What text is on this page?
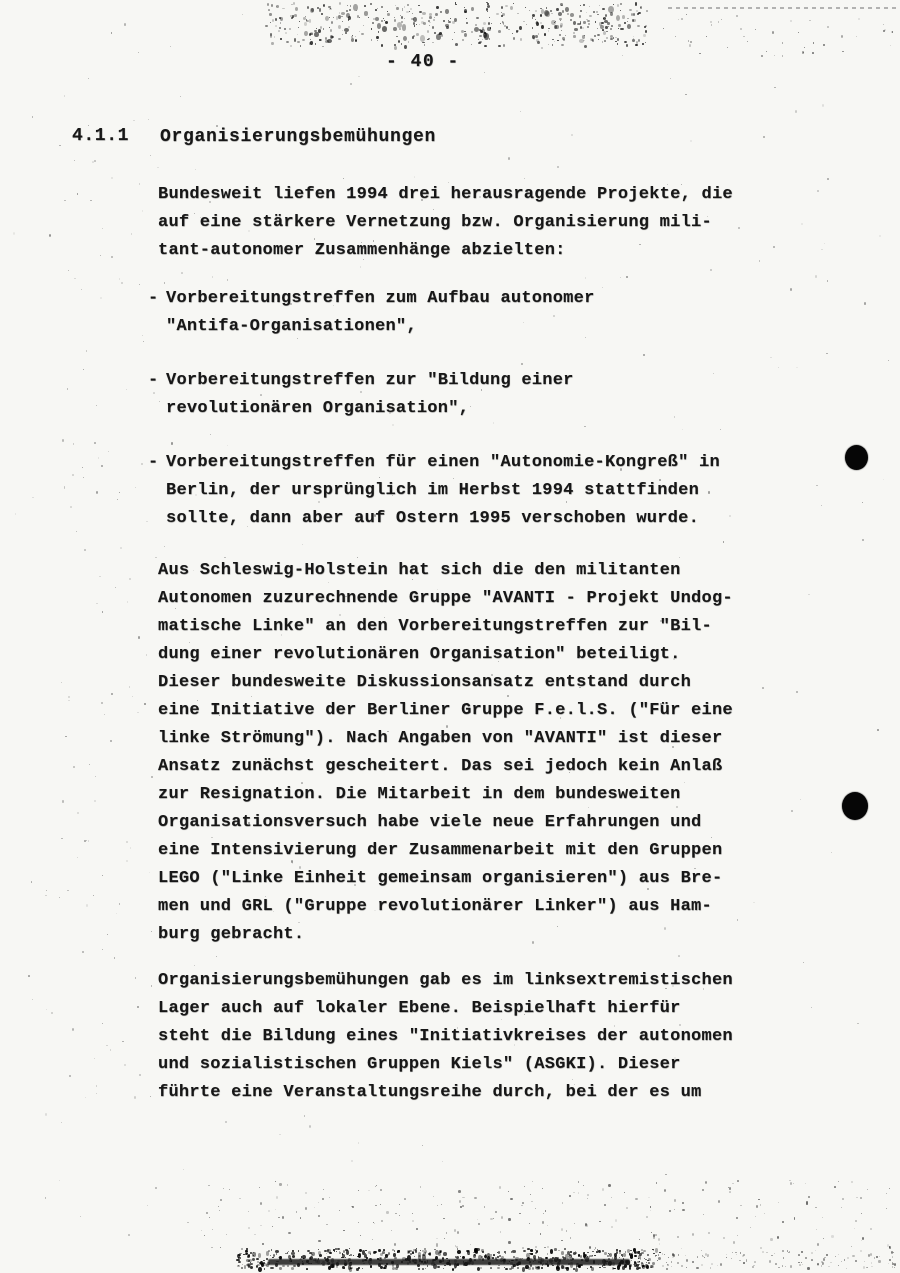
- 40 -
4.1.1 Organisierungsbemühungen
Bundesweit liefen 1994 drei herausragende Projekte, die
auf eine stärkere Vernetzung bzw. Organisierung mili-
tant-autonomer Zusammenhänge abzielten:
- Vorbereitungstreffen zum Aufbau autonomer
"Antifa-Organisationen",
- Vorbereitungstreffen zur "Bildung einer
revolutionären Organisation",
- Vorbereitungstreffen für einen "Autonomie-Kongreß" in
Berlin, der ursprünglich im Herbst 1994 stattfinden
sollte, dann aber auf Ostern 1995 verschoben wurde.
Aus Schleswig-Holstein hat sich die den militanten
Autonomen zuzurechnende Gruppe "AVANTI - Projekt Undog-
matische Linke" an den Vorbereitungstreffen zur "Bil-
dung einer revolutionären Organisation" beteiligt.
Dieser bundesweite Diskussionsansatz entstand durch
eine Initiative der Berliner Gruppe F.e.l.S. ("Für eine
linke Strömung"). Nach Angaben von "AVANTI" ist dieser
Ansatz zunächst gescheitert. Das sei jedoch kein Anlaß
zur Resignation. Die Mitarbeit in dem bundesweiten
Organisationsversuch habe viele neue Erfahrungen und
eine Intensivierung der Zusammenarbeit mit den Gruppen
LEGO ("Linke Einheit gemeinsam organisieren") aus Bre-
men und GRL ("Gruppe revolutionärer Linker") aus Ham-
burg gebracht.
Organisierungsbemühungen gab es im linksextremistischen
Lager auch auf lokaler Ebene. Beispielhaft hierfür
steht die Bildung eines "Initiativkreises der autonomen
und sozialistischen Gruppen Kiels" (ASGKI). Dieser
führte eine Veranstaltungsreihe durch, bei der es um
